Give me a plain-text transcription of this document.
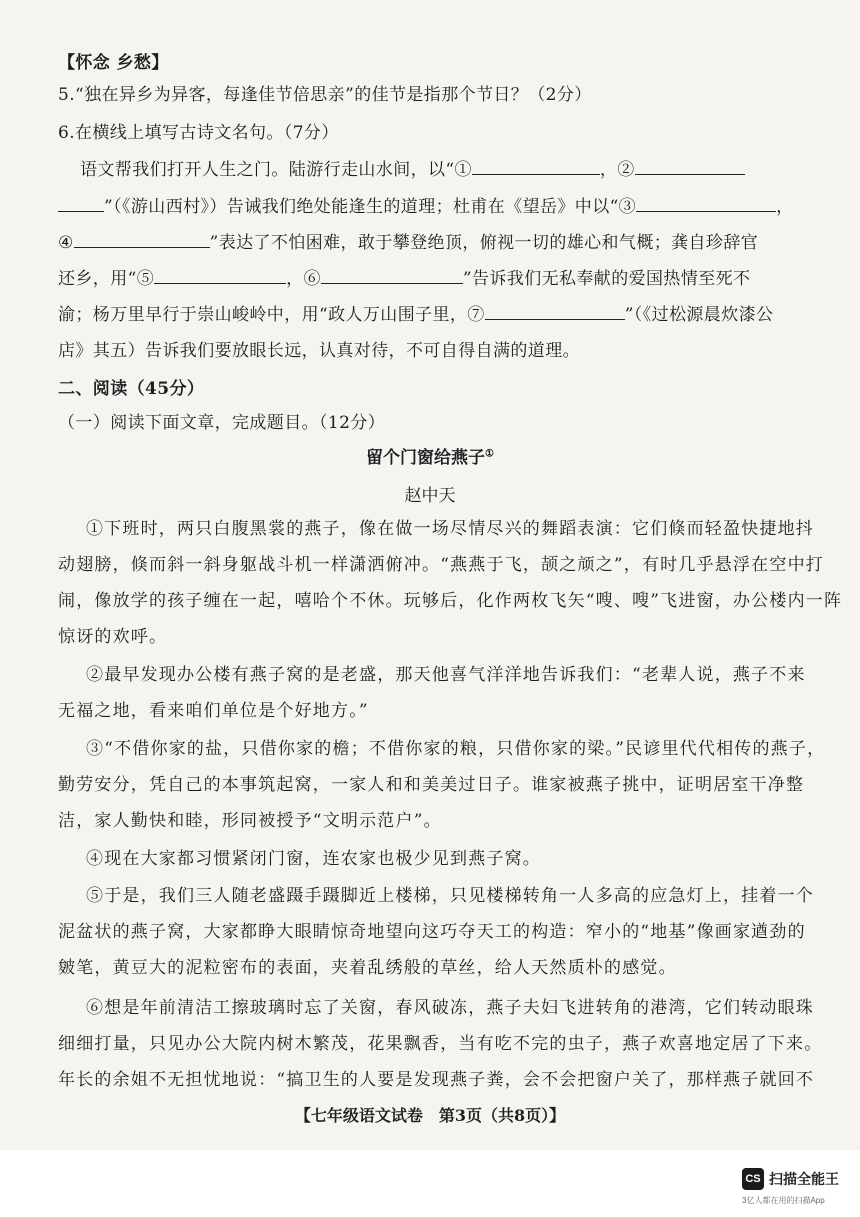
【怀念 乡愁】
5.“独在异乡为异客，每逢佳节倍思亲”的佳节是指那个节日？（2分）
6.在横线上填写古诗文名句。（7分）
语文帮我们打开人生之门。陆游行走山水间，以“①	，②
”（《游山西村》）告诫我们绝处能逢生的道理；杜甫在《望岳》中以“③	，
④	”表达了不怕困难，敢于攀登绝顶，俯视一切的雄心和气概；龚自珍辞官
还乡，用“⑤	，⑥	”告诉我们无私奉献的爱国热情至死不
渝；杨万里早行于崇山峻岭中，用“政人万山围子里，⑦	”（《过松源晨炊漆公
店》其五）告诉我们要放眼长远，认真对待，不可自得自满的道理。
二、阅读（45分）
（一）阅读下面文章，完成题目。（12分）
留个门窗给燕子①
赵中天
①下班时，两只白腹黑裳的燕子，像在做一场尽情尽兴的舞蹈表演：它们倏而轻盈快捷地抖
动翅膀，倏而斜一斜身躯战斗机一样潇洒俯冲。“燕燕于飞，颉之颃之”，有时几乎悬浮在空中打
闹，像放学的孩子缠在一起，嘻哈个不休。玩够后，化作两枚飞矢“嗖、嗖”飞进窗，办公楼内一阵
惊讶的欢呼。
②最早发现办公楼有燕子窝的是老盛，那天他喜气洋洋地告诉我们：“老辈人说，燕子不来
无福之地，看来咱们单位是个好地方。”
③“不借你家的盐，只借你家的檐；不借你家的粮，只借你家的梁。”民谚里代代相传的燕子，
勤劳安分，凭自己的本事筑起窝，一家人和和美美过日子。谁家被燕子挑中，证明居室干净整
洁，家人勤快和睦，形同被授予“文明示范户”。
④现在大家都习惯紧闭门窗，连农家也极少见到燕子窝。
⑤于是，我们三人随老盛蹑手蹑脚近上楼梯，只见楼梯转角一人多高的应急灯上，挂着一个
泥盆状的燕子窝，大家都睁大眼睛惊奇地望向这巧夺天工的构造：窄小的“地基”像画家遒劲的
皴笔，黄豆大的泥粒密布的表面，夹着乱绣般的草丝，给人天然质朴的感觉。
⑥想是年前清洁工擦玻璃时忘了关窗，春风破冻，燕子夫妇飞进转角的港湾，它们转动眼珠
细细打量，只见办公大院内树木繁茂，花果飘香，当有吃不完的虫子，燕子欢喜地定居了下来。
年长的余姐不无担忧地说：“搞卫生的人要是发现燕子粪，会不会把窗户关了，那样燕子就回不
【七年级语文试卷　第3页（共8页）】
CS 扫描全能王
3亿人都在用的扫描App
